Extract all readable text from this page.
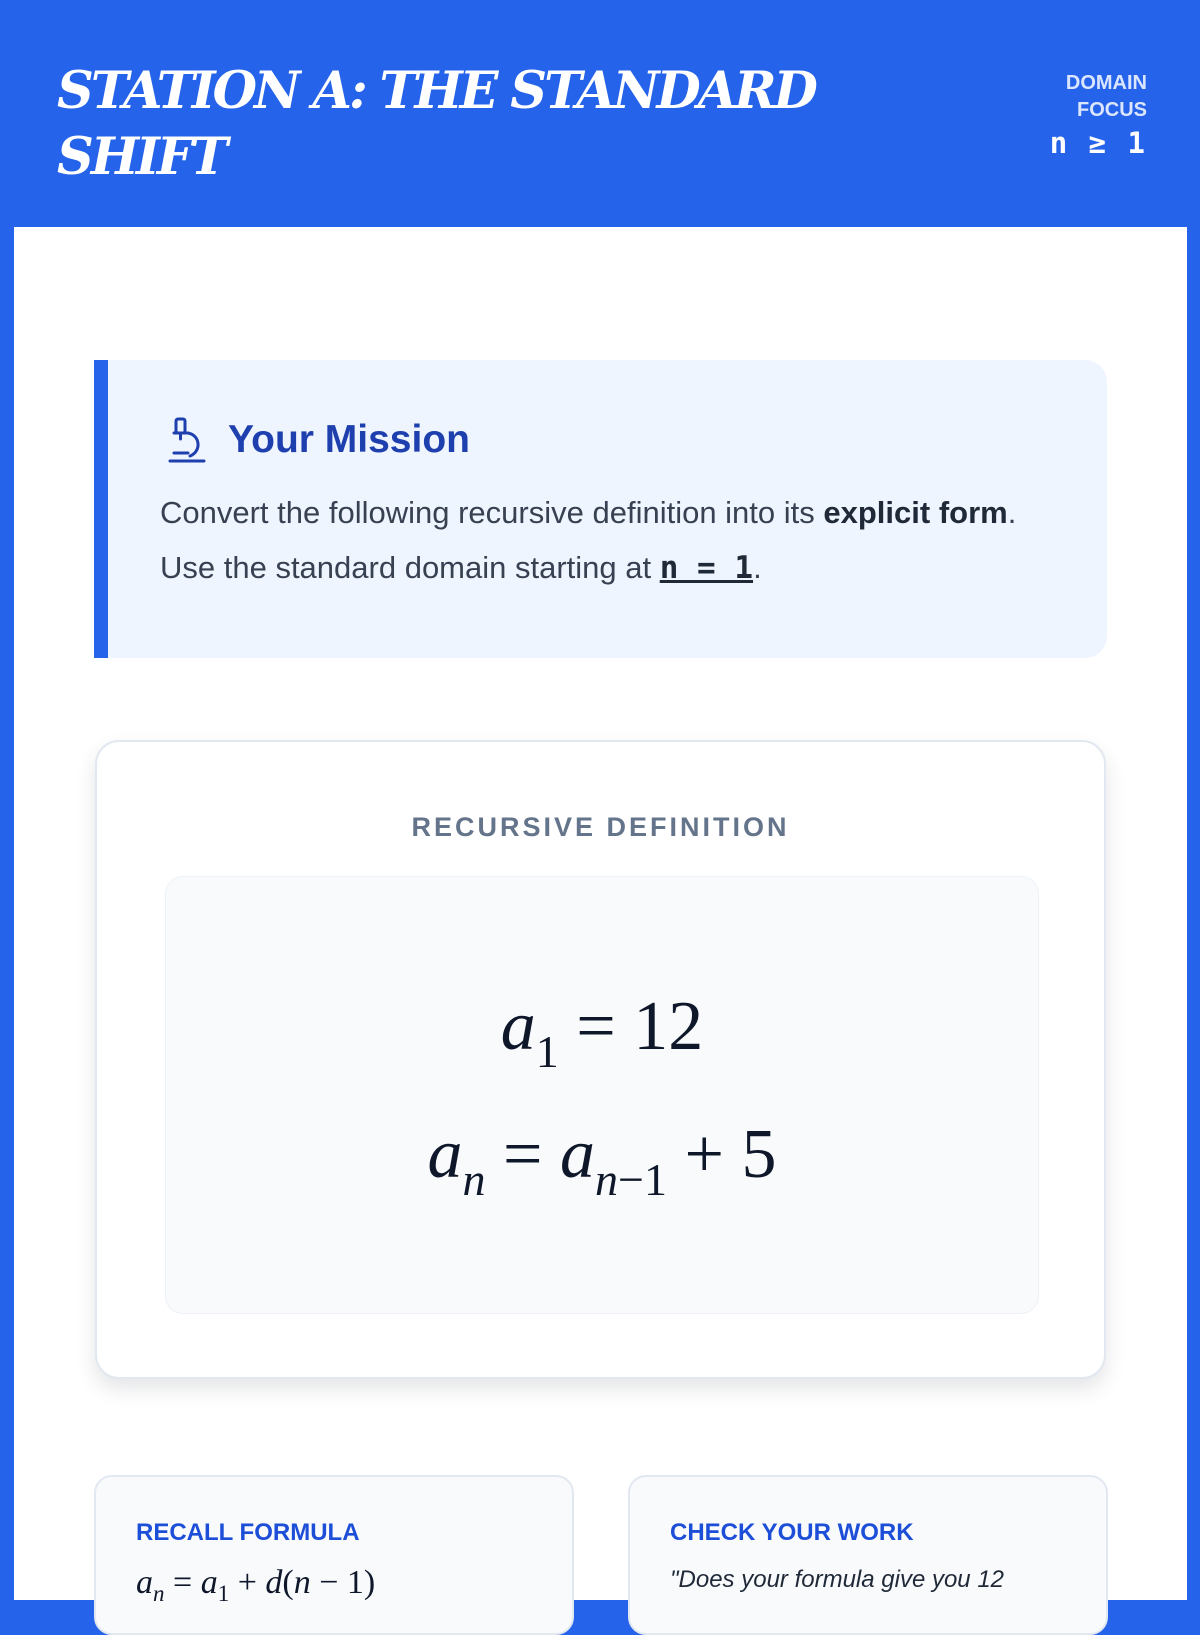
STATION A: THE STANDARD SHIFT
DOMAIN FOCUS
n ≥ 1
Your Mission

Convert the following recursive definition into its explicit form. Use the standard domain starting at n = 1.

RECURSIVE DEFINITION
$a_1 = 12$
$a_n = a_{n-1} + 5$
RECALL FORMULA
$a_n = a_1 + d(n - 1)$
CHECK YOUR WORK
"Does your formula give you 12
